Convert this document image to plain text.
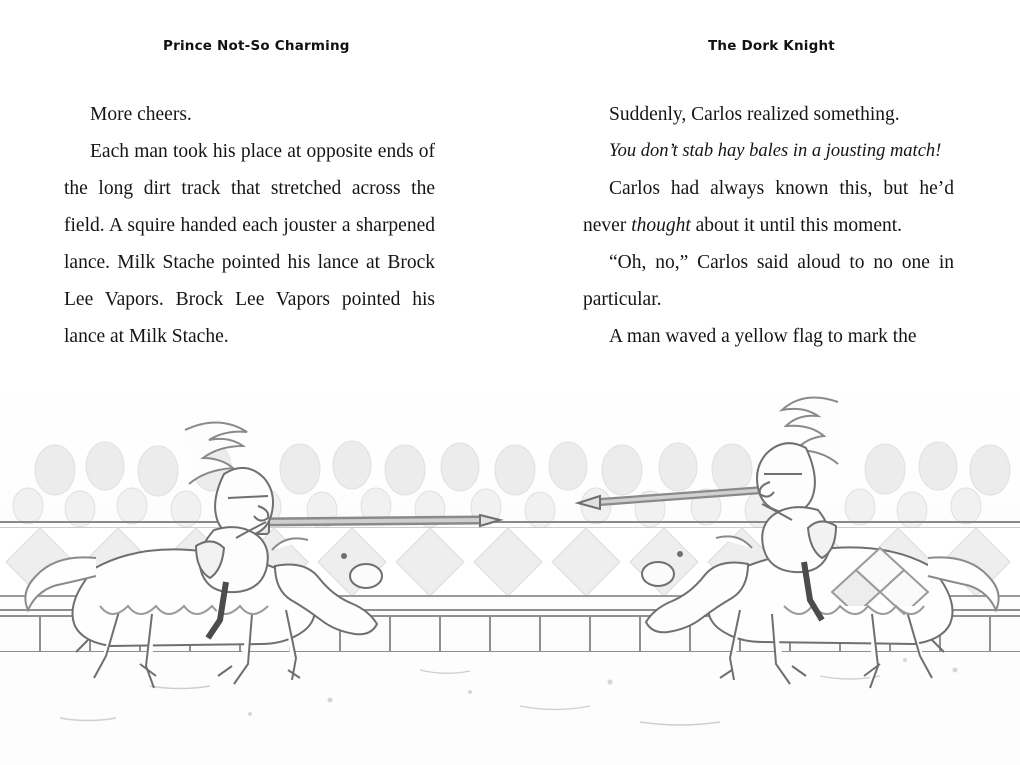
Prince Not-So Charming	The Dork Knight

More cheers.

Each man took his place at opposite ends of the long dirt track that stretched across the field. A squire handed each jouster a sharpened lance. Milk Stache pointed his lance at Brock Lee Vapors. Brock Lee Vapors pointed his lance at Milk Stache.

Suddenly, Carlos realized something.

You don’t stab hay bales in a jousting match!

Carlos had always known this, but he’d never thought about it until this moment.

“Oh, no,” Carlos said aloud to no one in particular.

A man waved a yellow flag to mark the
